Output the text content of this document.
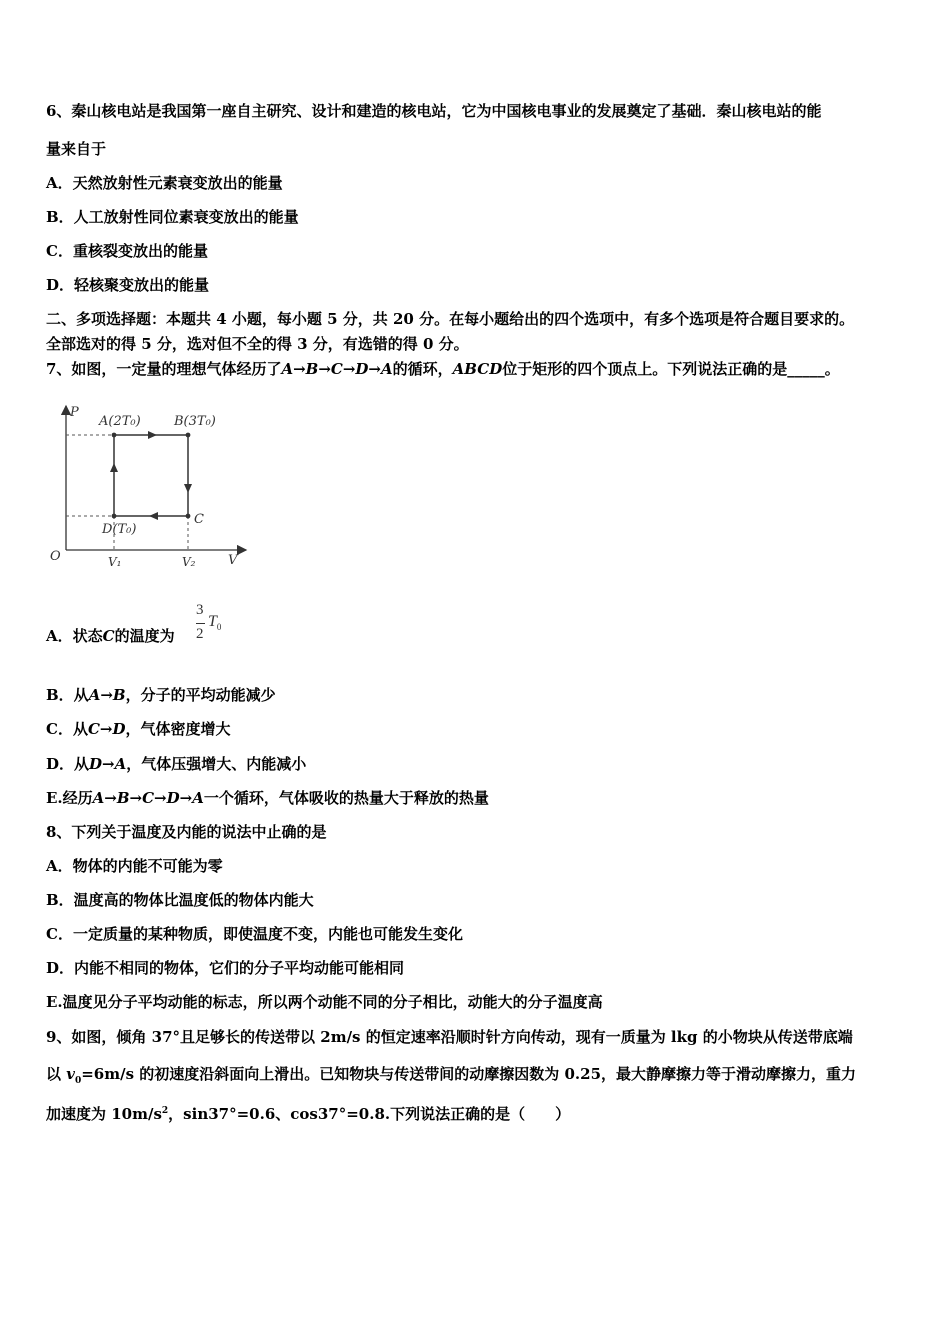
6、秦山核电站是我国第一座自主研究、设计和建造的核电站，它为中国核电事业的发展奠定了基础．秦山核电站的能
量来自于
A．天然放射性元素衰变放出的能量
B．人工放射性同位素衰变放出的能量
C．重核裂变放出的能量
D．轻核聚变放出的能量
二、多项选择题：本题共 4 小题，每小题 5 分，共 20 分。在每小题给出的四个选项中，有多个选项是符合题目要求的。
全部选对的得 5 分，选对但不全的得 3 分，有选错的得 0 分。
7、如图，一定量的理想气体经历了A→B→C→D→A的循环，ABCD位于矩形的四个顶点上。下列说法正确的是_____。
P
V
O
A(2T₀)	B(3T₀)
C
D(T₀)
V₁	V₂
A．状态C的温度为
3
2
$T_0$
B．从A→B，分子的平均动能减少
C．从C→D，气体密度增大
D．从D→A，气体压强增大、内能减小
E.经历A→B→C→D→A一个循环，气体吸收的热量大于释放的热量
8、下列关于温度及内能的说法中止确的是
A．物体的内能不可能为零
B．温度高的物体比温度低的物体内能大
C．一定质量的某种物质，即使温度不变，内能也可能发生变化
D．内能不相同的物体，它们的分子平均动能可能相同
E.温度见分子平均动能的标志，所以两个动能不同的分子相比，动能大的分子温度高
9、如图，倾角 37°且足够长的传送带以 2m/s 的恒定速率沿顺时针方向传动，现有一质量为 lkg 的小物块从传送带底端
以 $v_0=6m/s$ 的初速度沿斜面向上滑出。已知物块与传送带间的动摩擦因数为 0.25，最大静摩擦力等于滑动摩擦力，重力
加速度为 $10m/s^2$，sin37°=0.6、cos37°=0.8.下列说法正确的是（　　）
